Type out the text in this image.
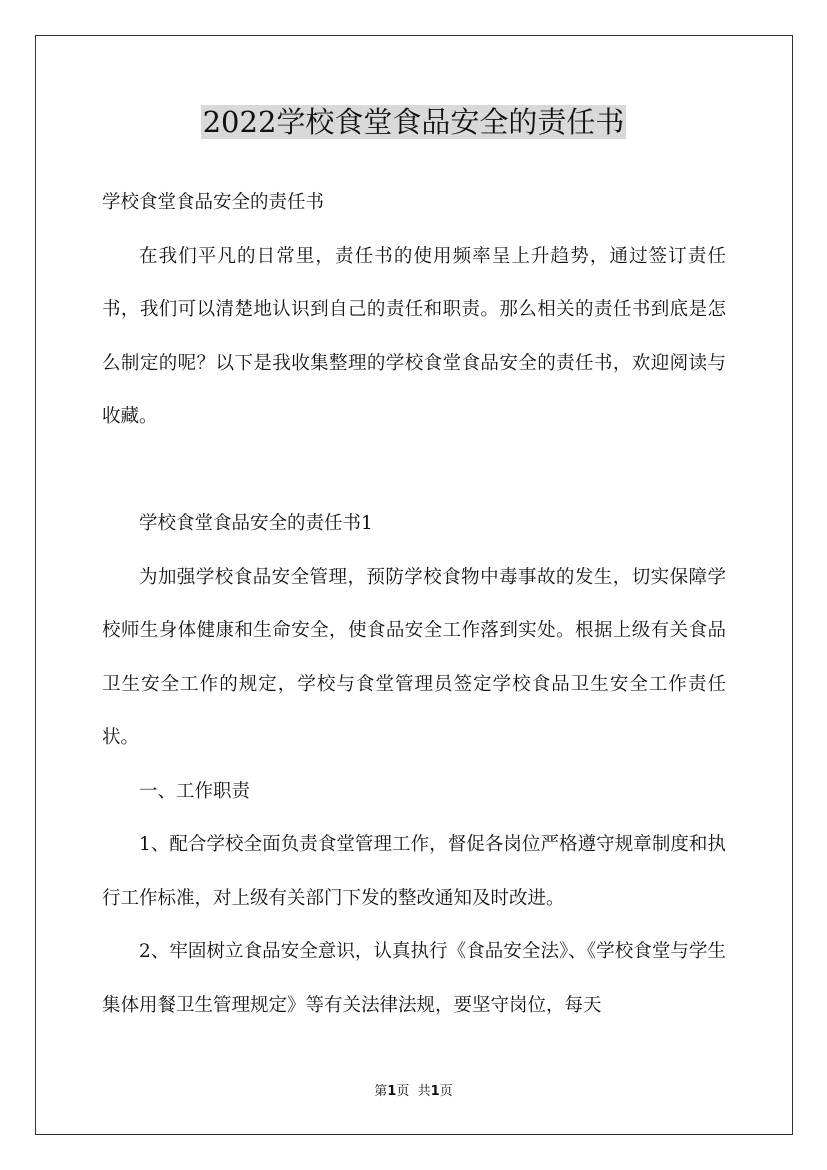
2022学校食堂食品安全的责任书

学校食堂食品安全的责任书

在我们平凡的日常里，责任书的使用频率呈上升趋势，通过签订责任书，我们可以清楚地认识到自己的责任和职责。那么相关的责任书到底是怎么制定的呢？以下是我收集整理的学校食堂食品安全的责任书，欢迎阅读与收藏。

学校食堂食品安全的责任书1

为加强学校食品安全管理，预防学校食物中毒事故的发生，切实保障学校师生身体健康和生命安全，使食品安全工作落到实处。根据上级有关食品卫生安全工作的规定，学校与食堂管理员签定学校食品卫生安全工作责任状。

一、工作职责

1、配合学校全面负责食堂管理工作，督促各岗位严格遵守规章制度和执行工作标准，对上级有关部门下发的整改通知及时改进。

2、牢固树立食品安全意识，认真执行《食品安全法》、《学校食堂与学生集体用餐卫生管理规定》等有关法律法规，要坚守岗位，每天

第1页 共1页
